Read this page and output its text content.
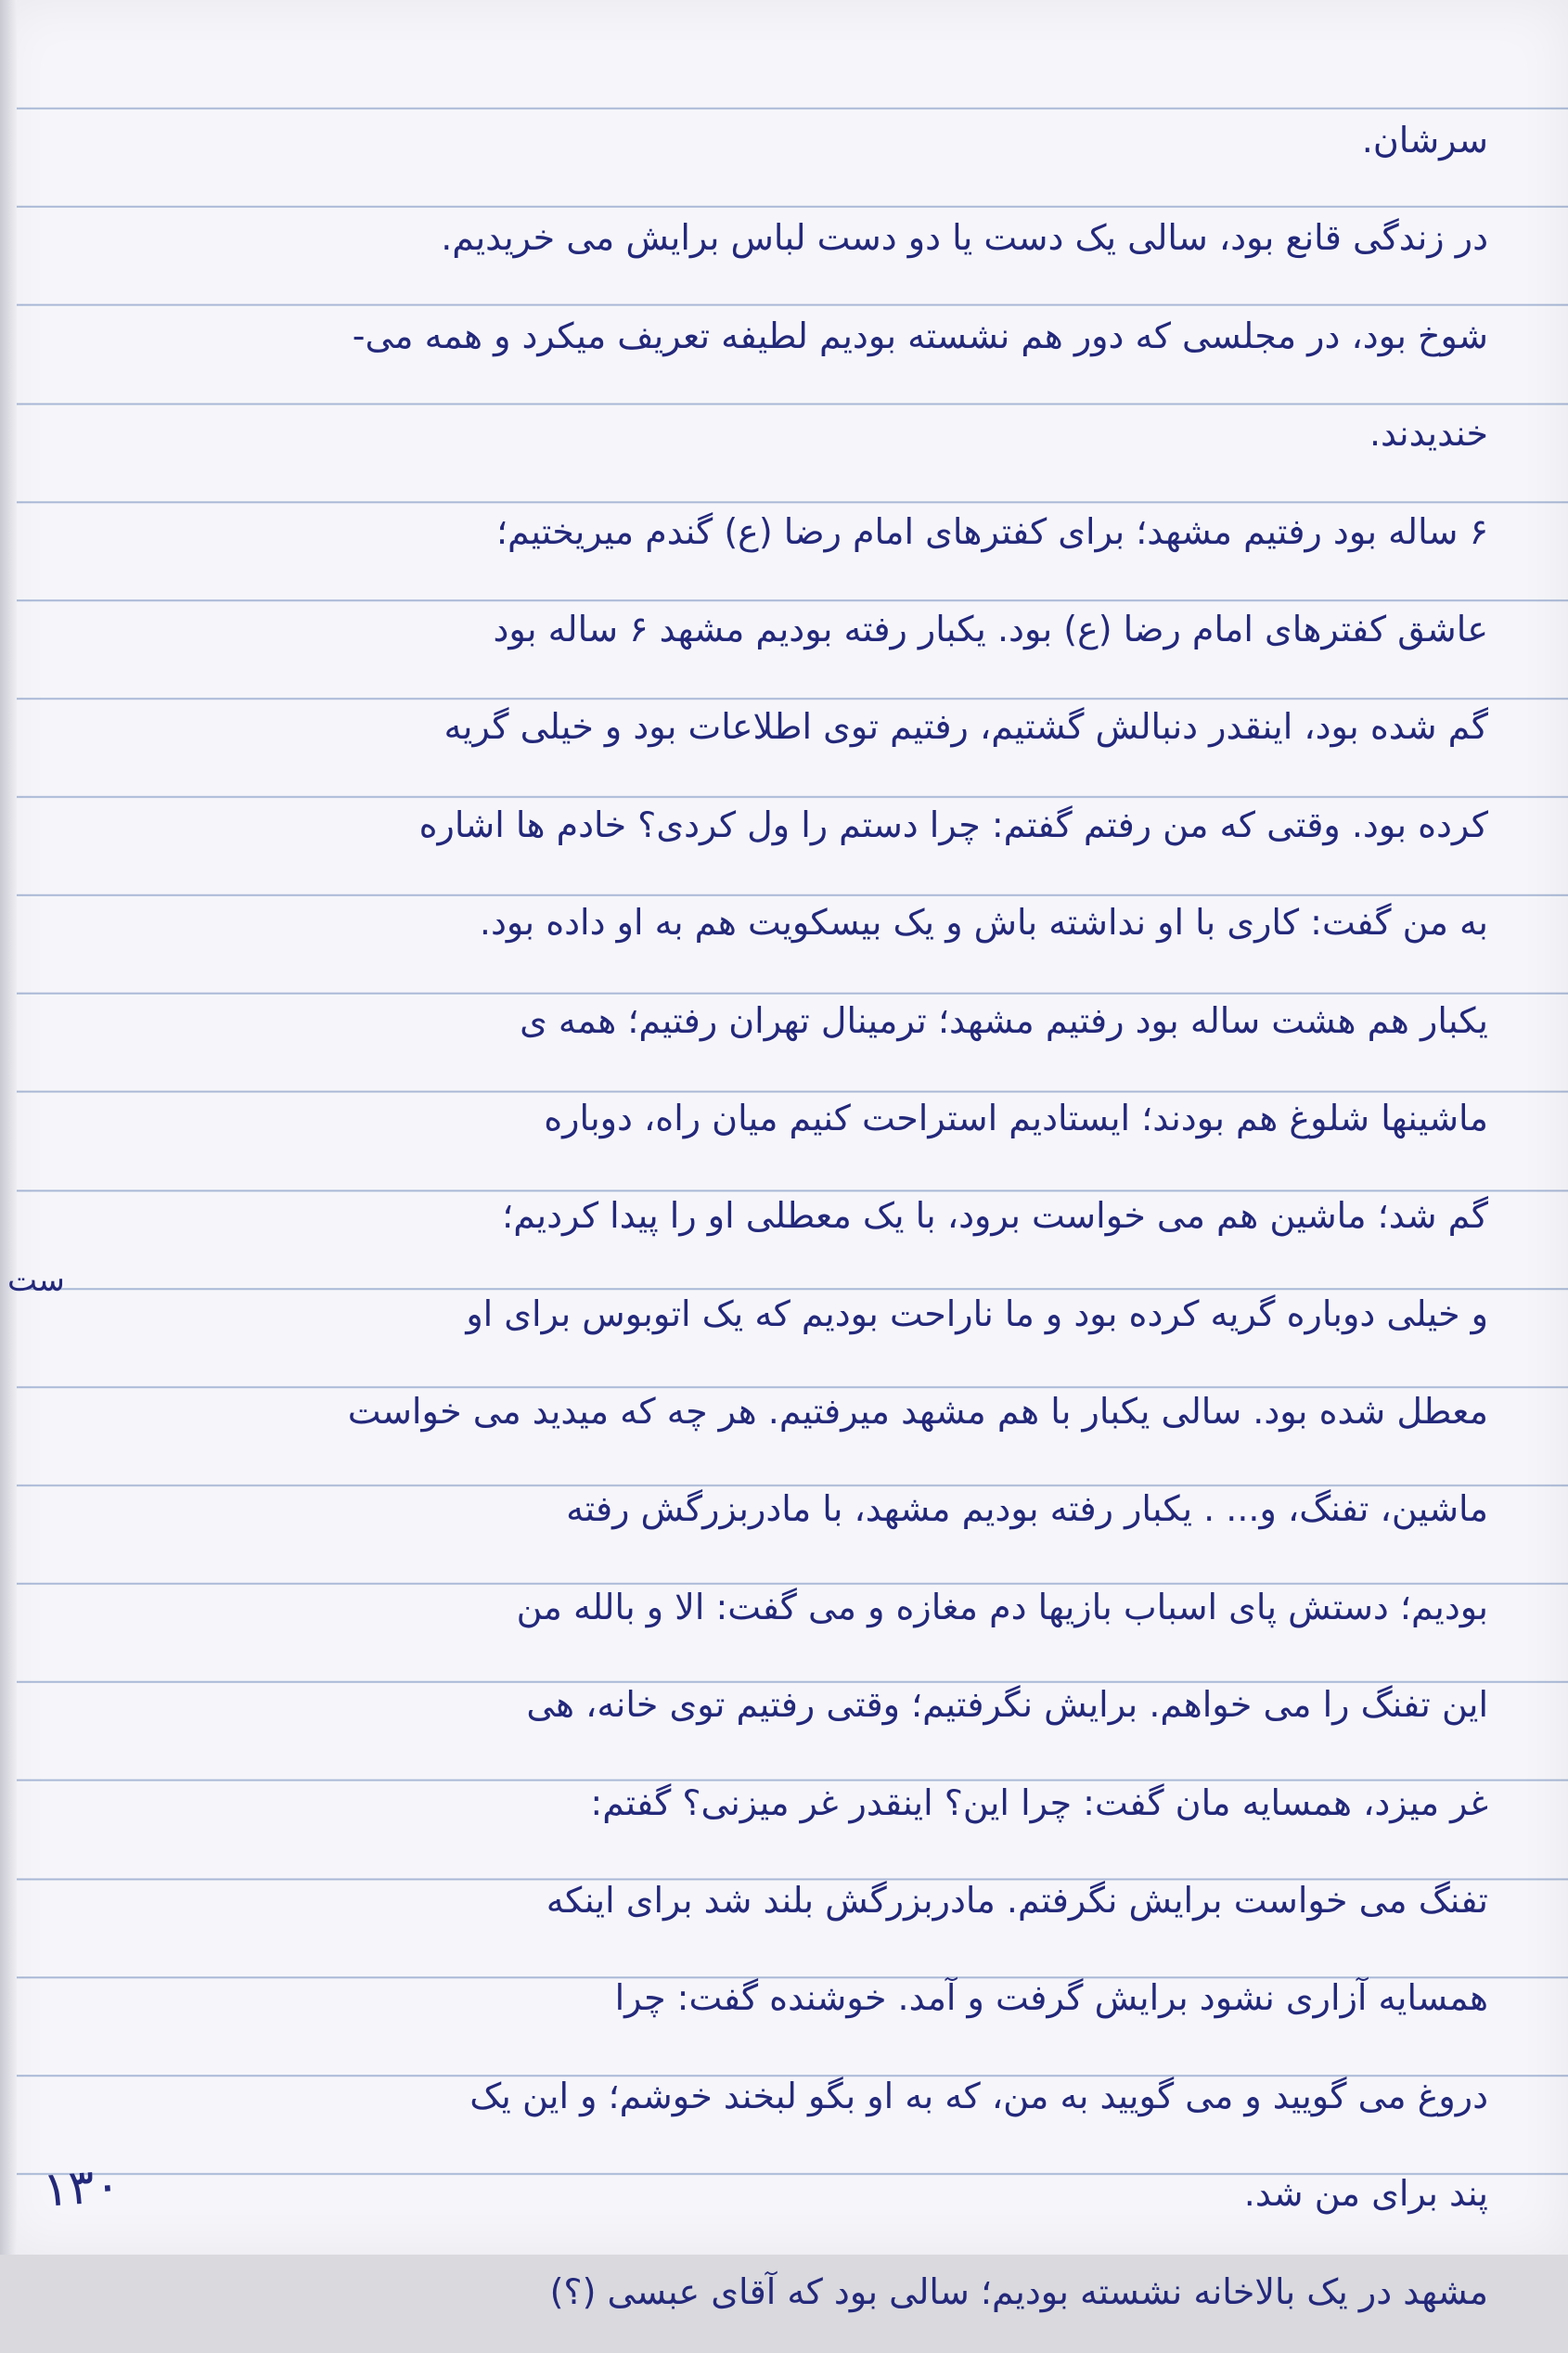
سرشان.
در زندگی قانع بود، سالی یک دست یا دو دست لباس برایش می خریدیم.
شوخ بود، در مجلسی که دور هم نشسته بودیم لطیفه تعریف میکرد و همه می-
خندیدند.
۶ ساله بود رفتیم مشهد؛ برای کفترهای امام رضا (ع) گندم میریختیم؛
عاشق کفترهای امام رضا (ع) بود. یکبار رفته بودیم مشهد ۶ ساله بود
گم شده بود، اینقدر دنبالش گشتیم، رفتیم توی اطلاعات بود و خیلی گریه
کرده بود. وقتی که من رفتم گفتم: چرا دستم را ول کردی؟ خادم ها اشاره
به من گفت: کاری با او نداشته باش و یک بیسکویت هم به او داده بود.
یکبار هم هشت ساله بود رفتیم مشهد؛ ترمینال تهران رفتیم؛ همه ی
ماشینها شلوغ هم بودند؛ ایستادیم استراحت کنیم میان راه، دوباره
گم شد؛ ماشین هم می خواست برود، با یک معطلی او را پیدا کردیم؛
و خیلی دوباره گریه کرده بود و ما ناراحت بودیم که یک اتوبوس برای او
معطل شده بود. سالی یکبار با هم مشهد میرفتیم. هر چه که میدید می خواست
ماشین، تفنگ، و... . یکبار رفته بودیم مشهد، با مادربزرگش رفته
بودیم؛ دستش پای اسباب بازیها دم مغازه و می گفت: الا و بالله من
این تفنگ را می خواهم. برایش نگرفتیم؛ وقتی رفتیم توی خانه، هی
غر میزد، همسایه مان گفت: چرا این؟ اینقدر غر میزنی؟ گفتم:
تفنگ می خواست برایش نگرفتم. مادربزرگش بلند شد برای اینکه
همسایه آزاری نشود برایش گرفت و آمد. خوشنده گفت: چرا
دروغ می گویید و می گویید به من، که به او بگو لبخند خوشم؛ و این یک
پند برای من شد.
مشهد در یک بالاخانه نشسته بودیم؛ سالی بود که آقای عبسی (؟)
ست
۱۳۰
